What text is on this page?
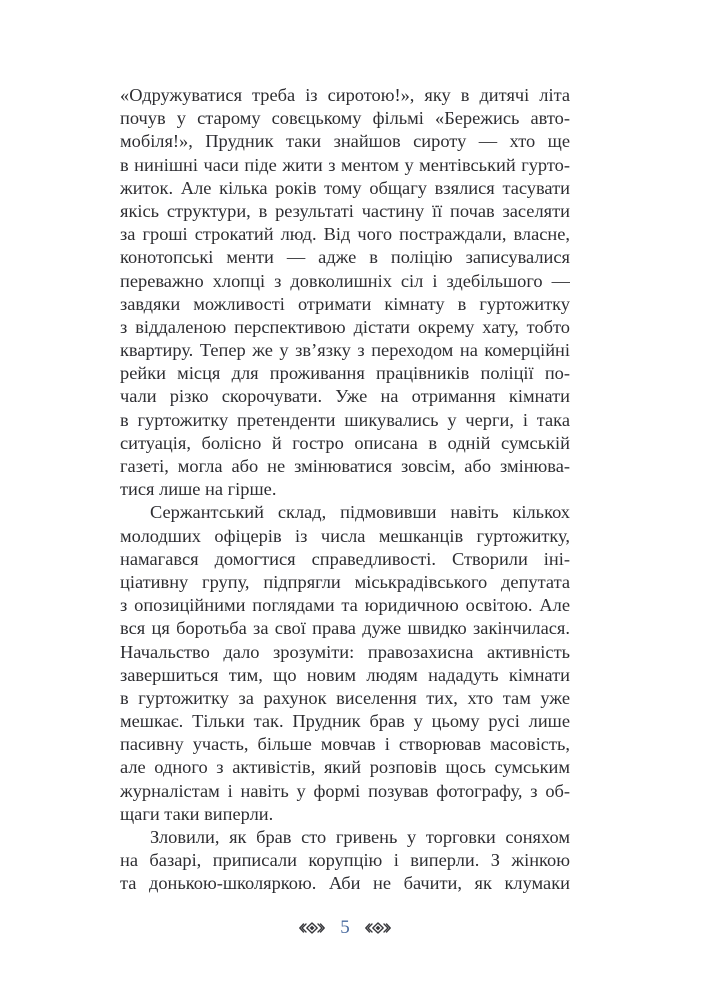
«Одружуватися треба із сиротою!», яку в дитячі літа
почув у старому совєцькому фільмі «Бережись авто-
мобіля!», Прудник таки знайшов сироту — хто ще
в нинішні часи піде жити з ментом у ментівський гурто-
житок. Але кілька років тому общагу взялися тасувати
якісь структури, в результаті частину її почав заселяти
за гроші строкатий люд. Від чого постраждали, власне,
конотопські менти — адже в поліцію записувалися
переважно хлопці з довколишніх сіл і здебільшого —
завдяки можливості отримати кімнату в гуртожитку
з віддаленою перспективою дістати окрему хату, тобто
квартиру. Тепер же у зв’язку з переходом на комерційні
рейки місця для проживання працівників поліції по-
чали різко скорочувати. Уже на отримання кімнати
в гуртожитку претенденти шикувались у черги, і така
ситуація, болісно й гостро описана в одній сумській
газеті, могла або не змінюватися зовсім, або змінюва-
тися лише на гірше.
Сержантський склад, підмовивши навіть кількох
молодших офіцерів із числа мешканців гуртожитку,
намагався домогтися справедливості. Створили іні-
ціативну групу, підпрягли міськрадівського депутата
з опозиційними поглядами та юридичною освітою. Але
вся ця боротьба за свої права дуже швидко закінчилася.
Начальство дало зрозуміти: правозахисна активність
завершиться тим, що новим людям нададуть кімнати
в гуртожитку за рахунок виселення тих, хто там уже
мешкає. Тільки так. Прудник брав у цьому русі лише
пасивну участь, більше мовчав і створював масовість,
але одного з активістів, який розповів щось сумським
журналістам і навіть у формі позував фотографу, з об-
щаги таки виперли.
Зловили, як брав сто гривень у торговки соняхом
на базарі, приписали корупцію і виперли. З жінкою
та донькою-школяркою. Аби не бачити, як клумаки
5
